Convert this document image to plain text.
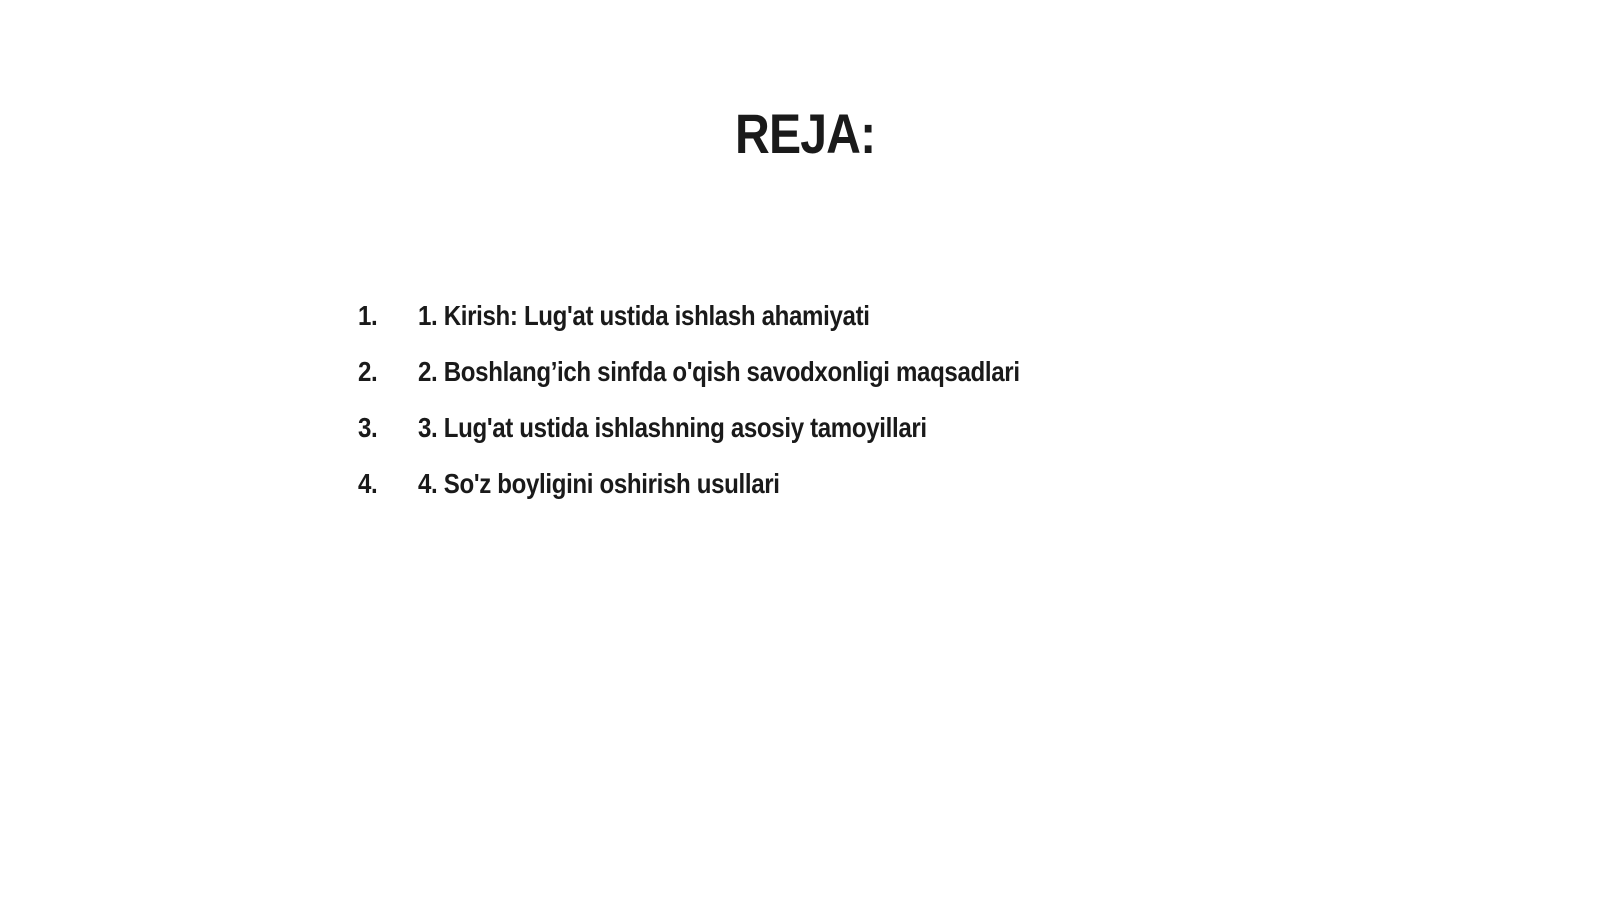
REJA:
1.	1. Kirish: Lug'at ustida ishlash ahamiyati
2.	2. Boshlang’ich sinfda o'qish savodxonligi maqsadlari
3.	3. Lug'at ustida ishlashning asosiy tamoyillari
4.	4. So'z boyligini oshirish usullari
